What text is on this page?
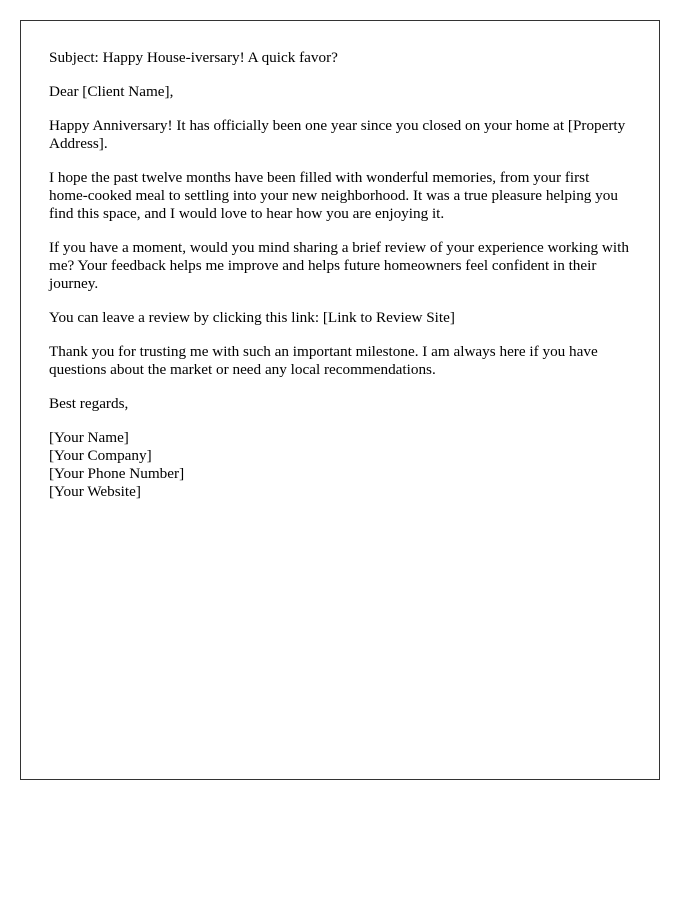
Subject: Happy House-iversary! A quick favor?

Dear [Client Name],

Happy Anniversary! It has officially been one year since you closed on your home at [Property Address].

I hope the past twelve months have been filled with wonderful memories, from your first home-cooked meal to settling into your new neighborhood. It was a true pleasure helping you find this space, and I would love to hear how you are enjoying it.

If you have a moment, would you mind sharing a brief review of your experience working with me? Your feedback helps me improve and helps future homeowners feel confident in their journey.

You can leave a review by clicking this link: [Link to Review Site]

Thank you for trusting me with such an important milestone. I am always here if you have questions about the market or need any local recommendations.

Best regards,

[Your Name]
[Your Company]
[Your Phone Number]
[Your Website]
